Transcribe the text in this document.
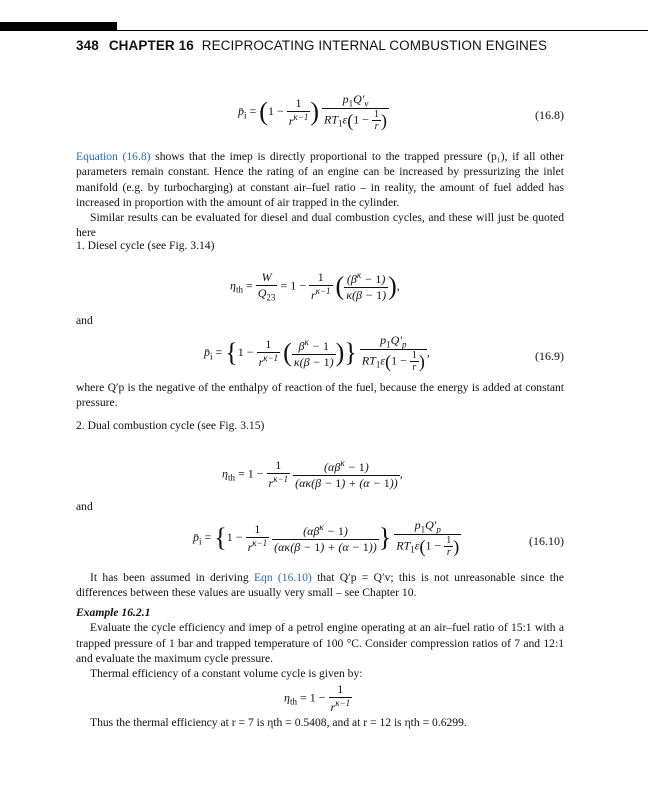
348 CHAPTER 16 RECIPROCATING INTERNAL COMBUSTION ENGINES
$p̄_i = (1 - \frac{1}{r^{\kappa-1}}$ ) $\frac{p_1Q'_v}{RT_1\varepsilon(1 - \frac{1}{r} )}$	(16.8)

Equation (16.8) shows that the imep is directly proportional to the trapped pressure (p₁), if all other parameters remain constant. Hence the rating of an engine can be increased by pressurizing the inlet manifold (e.g. by turbocharging) at constant air–fuel ratio – in reality, the amount of fuel added has increased in proportion with the amount of air trapped in the cylinder.

Similar results can be evaluated for diesel and dual combustion cycles, and these will just be quoted here

1. Diesel cycle (see Fig. 3.14)
$\eta_{th} = \frac{W}{Q_{23}} = 1 - \frac{1}{r^{\kappa-1}}$ ( $\frac{(\beta^\kappa - 1)}{\kappa(\beta - 1)}$ ),
and
$p̄_i = \{1 - \frac{1}{r^{\kappa-1}}$ ( $\frac{\beta^\kappa - 1}{\kappa(\beta - 1)}$ )} $\frac{p_1Q'_p}{RT_1\varepsilon(1 - \frac{1}{r} )}$ ,	(16.9)
where Q′p is the negative of the enthalpy of reaction of the fuel, because the energy is added at constant pressure.
2. Dual combustion cycle (see Fig. 3.15)
$\eta_{th} = 1 - \frac{1}{r^{\kappa-1}}$
$\frac{(\alpha\beta^\kappa - 1)}{(\alpha\kappa(\beta - 1) + (\alpha - 1))}$ ,
and
$p̄_i = \{1 - \frac{1}{r^{\kappa-1}}$
$\frac{(\alpha\beta^\kappa - 1)}{(\alpha\kappa(\beta - 1) + (\alpha - 1))}$ } $\frac{p_1Q'_p}{RT_1\varepsilon(1 - \frac{1}{r} )}$	(16.10)

It has been assumed in deriving Eqn (16.10) that Q′p = Q′v; this is not unreasonable since the differences between these values are usually very small – see Chapter 10.

Example 16.2.1

Evaluate the cycle efficiency and imep of a petrol engine operating at an air–fuel ratio of 15:1 with a trapped pressure of 1 bar and trapped temperature of 100 °C. Consider compression ratios of 7 and 12:1 and evaluate the maximum cycle pressure.

Thermal efficiency of a constant volume cycle is given by:

$\eta_{th} = 1 - \frac{1}{r^{\kappa-1}}$
Thus the thermal efficiency at r = 7 is ηth = 0.5408, and at r = 12 is ηth = 0.6299.
